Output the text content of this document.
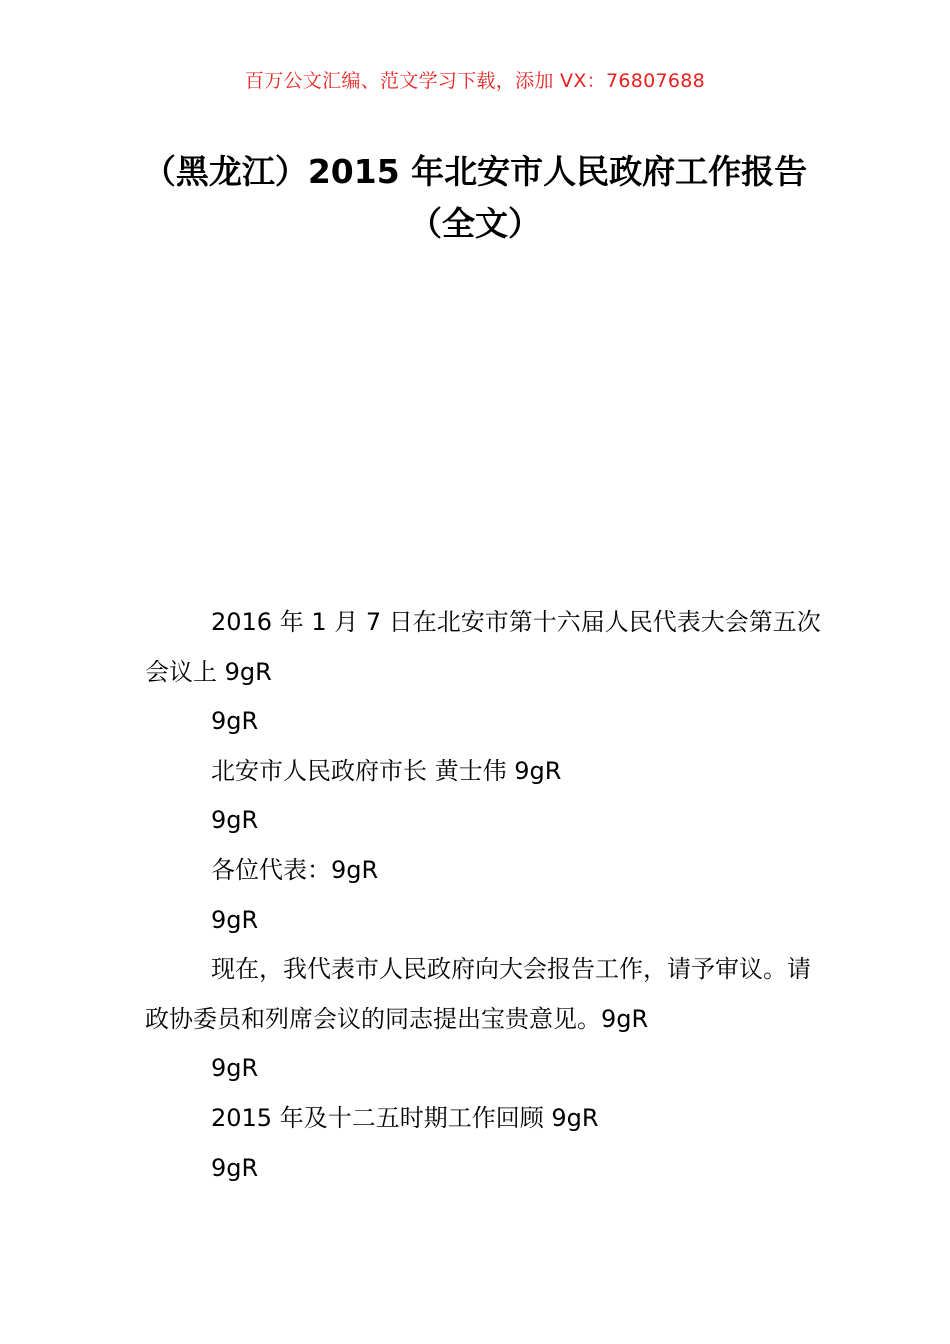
百万公文汇编、范文学习下载，添加 VX：76807688
（黑龙江）2015 年北安市人民政府工作报告（全文）

2016 年 1 月 7 日在北安市第十六届人民代表大会第五次会议上 9gR

9gR

北安市人民政府市长 黄士伟 9gR

9gR

各位代表：9gR

9gR

现在，我代表市人民政府向大会报告工作，请予审议。请政协委员和列席会议的同志提出宝贵意见。9gR

9gR

2015 年及十二五时期工作回顾 9gR

9gR
